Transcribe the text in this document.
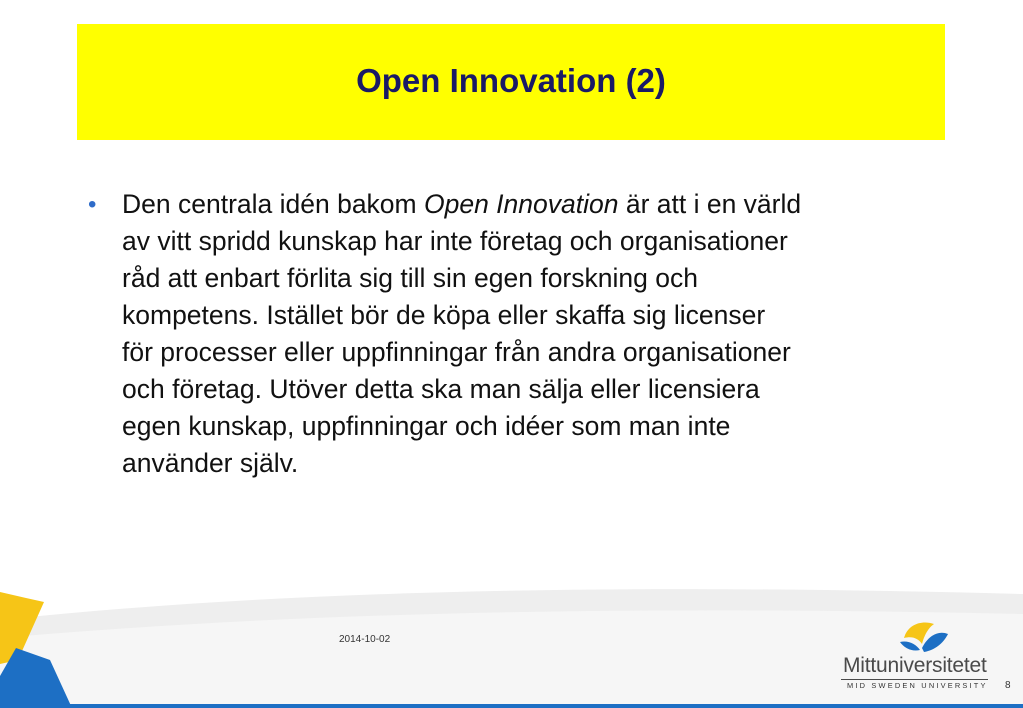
Open Innovation (2)
• Den centrala idén bakom Open Innovation är att i en värld
av vitt spridd kunskap har inte företag och organisationer
råd att enbart förlita sig till sin egen forskning och
kompetens. Istället bör de köpa eller skaffa sig licenser
för processer eller uppfinningar från andra organisationer
och företag. Utöver detta ska man sälja eller licensiera
egen kunskap, uppfinningar och idéer som man inte
använder själv.
2014-10-02
8
Mittuniversitetet
MID SWEDEN UNIVERSITY
